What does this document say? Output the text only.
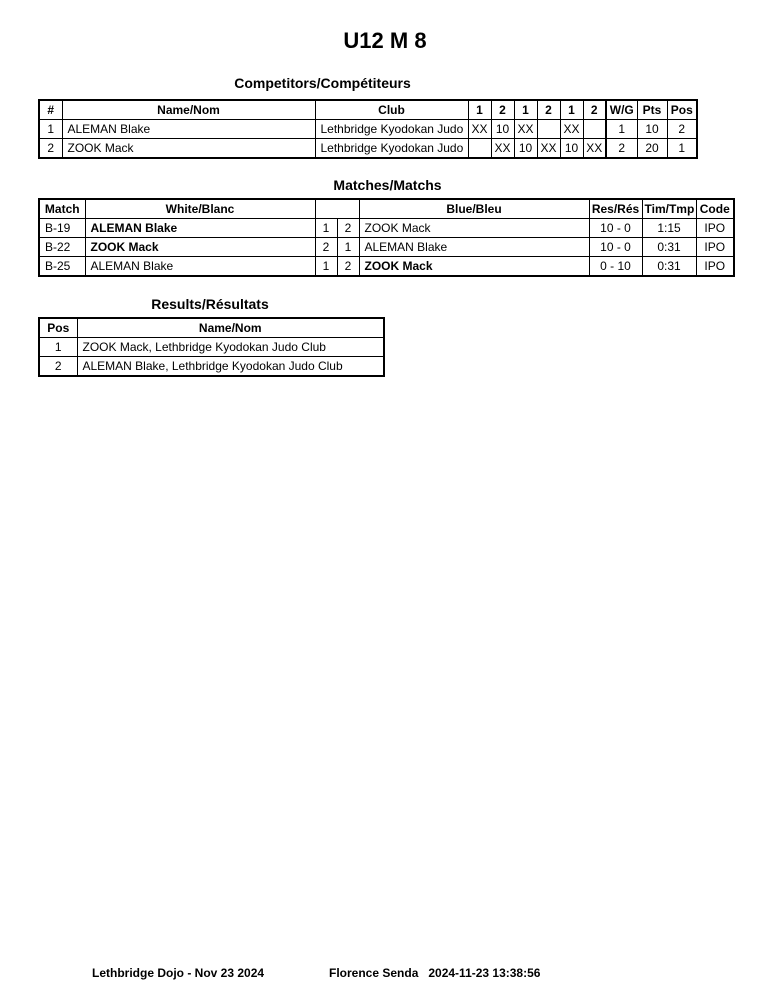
U12 M 8
Competitors/Compétiteurs
#	Name/Nom	Club	1	2	1	2	1	2	W/G	Pts	Pos
1	ALEMAN Blake	Lethbridge Kyodokan Judo	XX	10	XX		XX		1	10	2
2	ZOOK Mack	Lethbridge Kyodokan Judo		XX	10	XX	10	XX	2	20	1
Matches/Matchs
Match	White/Blanc			Blue/Bleu	Res/Rés	Tim/Tmp	Code
B-19	ALEMAN Blake	1	2	ZOOK Mack	10 - 0	1:15	IPO
B-22	ZOOK Mack	2	1	ALEMAN Blake	10 - 0	0:31	IPO
B-25	ALEMAN Blake	1	2	ZOOK Mack	0 - 10	0:31	IPO
Results/Résultats
Pos	Name/Nom
1	ZOOK Mack, Lethbridge Kyodokan Judo Club
2	ALEMAN Blake, Lethbridge Kyodokan Judo Club
Lethbridge Dojo - Nov 23 2024	Florence Senda   2024-11-23 13:38:56
